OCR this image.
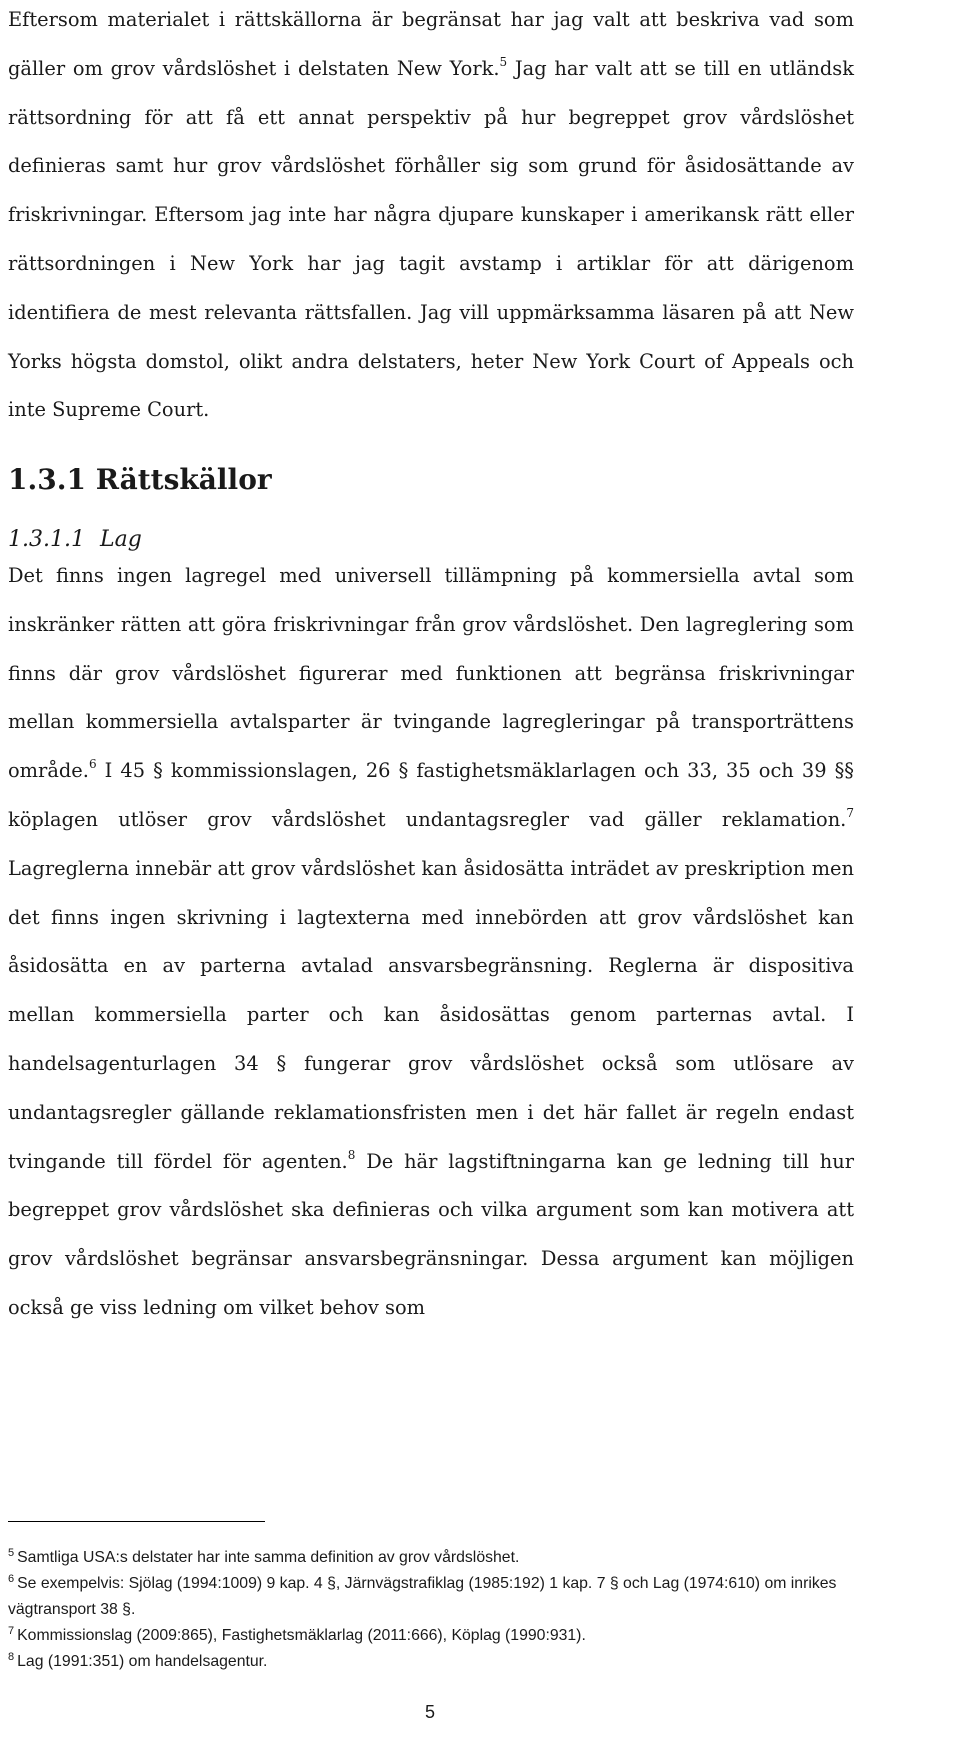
Eftersom materialet i rättskällorna är begränsat har jag valt att beskriva vad som gäller om grov vårdslöshet i delstaten New York.$^5$ Jag har valt att se till en utländsk rättsordning för att få ett annat perspektiv på hur begreppet grov vårdslöshet definieras samt hur grov vårdslöshet förhåller sig som grund för åsidosättande av friskrivningar. Eftersom jag inte har några djupare kunskaper i amerikansk rätt eller rättsordningen i New York har jag tagit avstamp i artiklar för att därigenom identifiera de mest relevanta rättsfallen. Jag vill uppmärksamma läsaren på att New Yorks högsta domstol, olikt andra delstaters, heter New York Court of Appeals och inte Supreme Court.

1.3.1 Rättskällor
1.3.1.1 Lag

Det finns ingen lagregel med universell tillämpning på kommersiella avtal som inskränker rätten att göra friskrivningar från grov vårdslöshet. Den lagreglering som finns där grov vårdslöshet figurerar med funktionen att begränsa friskrivningar mellan kommersiella avtalsparter är tvingande lagregleringar på transporträttens område.$^6$ I 45 § kommissionslagen, 26 § fastighetsmäklarlagen och 33, 35 och 39 §§ köplagen utlöser grov vårdslöshet undantagsregler vad gäller reklamation.$^7$ Lagreglerna innebär att grov vårdslöshet kan åsidosätta inträdet av preskription men det finns ingen skrivning i lagtexterna med innebörden att grov vårdslöshet kan åsidosätta en av parterna avtalad ansvarsbegränsning. Reglerna är dispositiva mellan kommersiella parter och kan åsidosättas genom parternas avtal. I handelsagenturlagen 34 § fungerar grov vårdslöshet också som utlösare av undantagsregler gällande reklamationsfristen men i det här fallet är regeln endast tvingande till fördel för agenten.$^8$ De här lagstiftningarna kan ge ledning till hur begreppet grov vårdslöshet ska definieras och vilka argument som kan motivera att grov vårdslöshet begränsar ansvarsbegränsningar. Dessa argument kan möjligen också ge viss ledning om vilket behov som

$^5$ Samtliga USA:s delstater har inte samma definition av grov vårdslöshet.

$^6$ Se exempelvis: Sjölag (1994:1009) 9 kap. 4 §, Järnvägstrafiklag (1985:192) 1 kap. 7 § och Lag (1974:610) om inrikes vägtransport 38 §.

$^7$ Kommissionslag (2009:865), Fastighetsmäklarlag (2011:666), Köplag (1990:931).

$^8$ Lag (1991:351) om handelsagentur.

5
